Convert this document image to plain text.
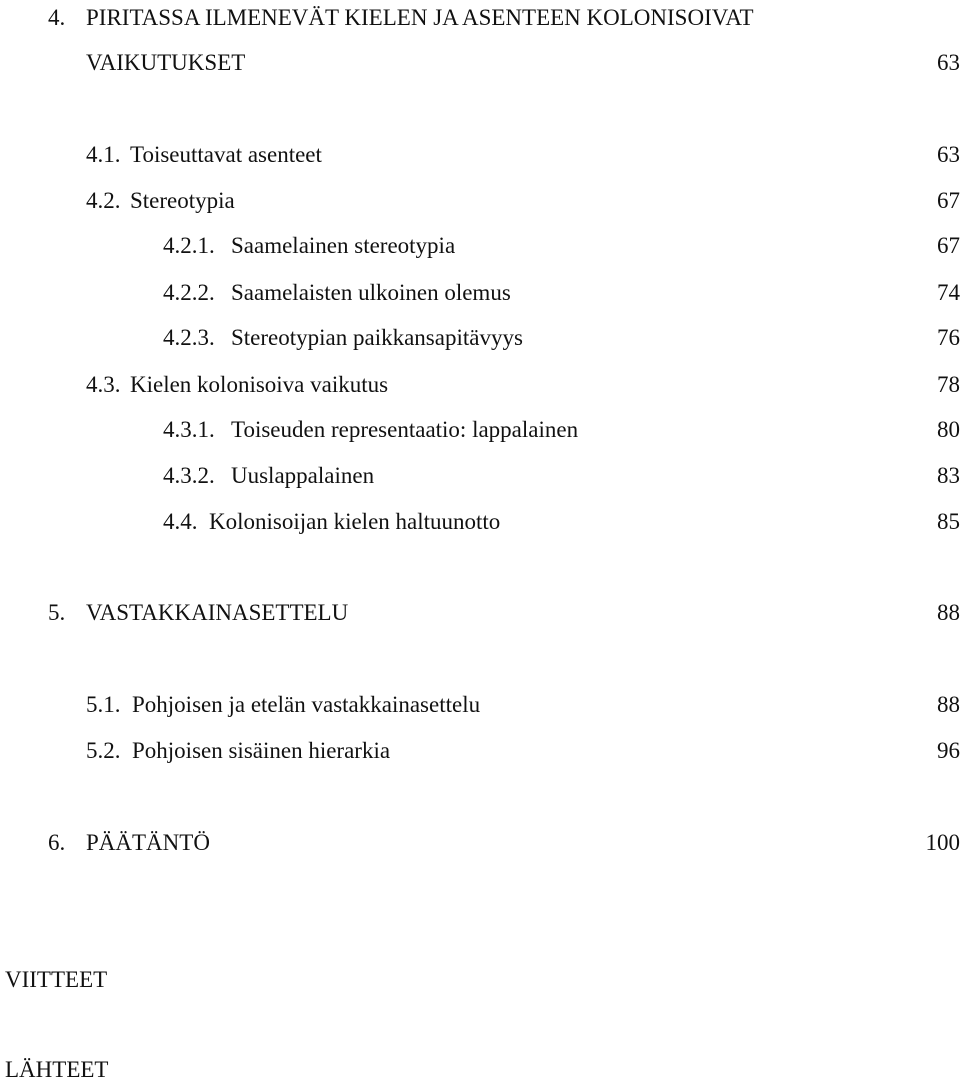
4. PIRITASSA ILMENEVÄT KIELEN JA ASENTEEN KOLONISOIVAT
VAIKUTUKSET	63
4.1. Toiseuttavat asenteet	63
4.2. Stereotypia	67
4.2.1. Saamelainen stereotypia	67
4.2.2. Saamelaisten ulkoinen olemus	74
4.2.3. Stereotypian paikkansapitävyys	76
4.3. Kielen kolonisoiva vaikutus	78
4.3.1. Toiseuden representaatio: lappalainen	80
4.3.2. Uuslappalainen	83
4.4. Kolonisoijan kielen haltuunotto	85
5. VASTAKKAINASETTELU	88
5.1. Pohjoisen ja etelän vastakkainasettelu	88
5.2. Pohjoisen sisäinen hierarkia	96
6. PÄÄTÄNTÖ	100
VIITTEET
LÄHTEET
